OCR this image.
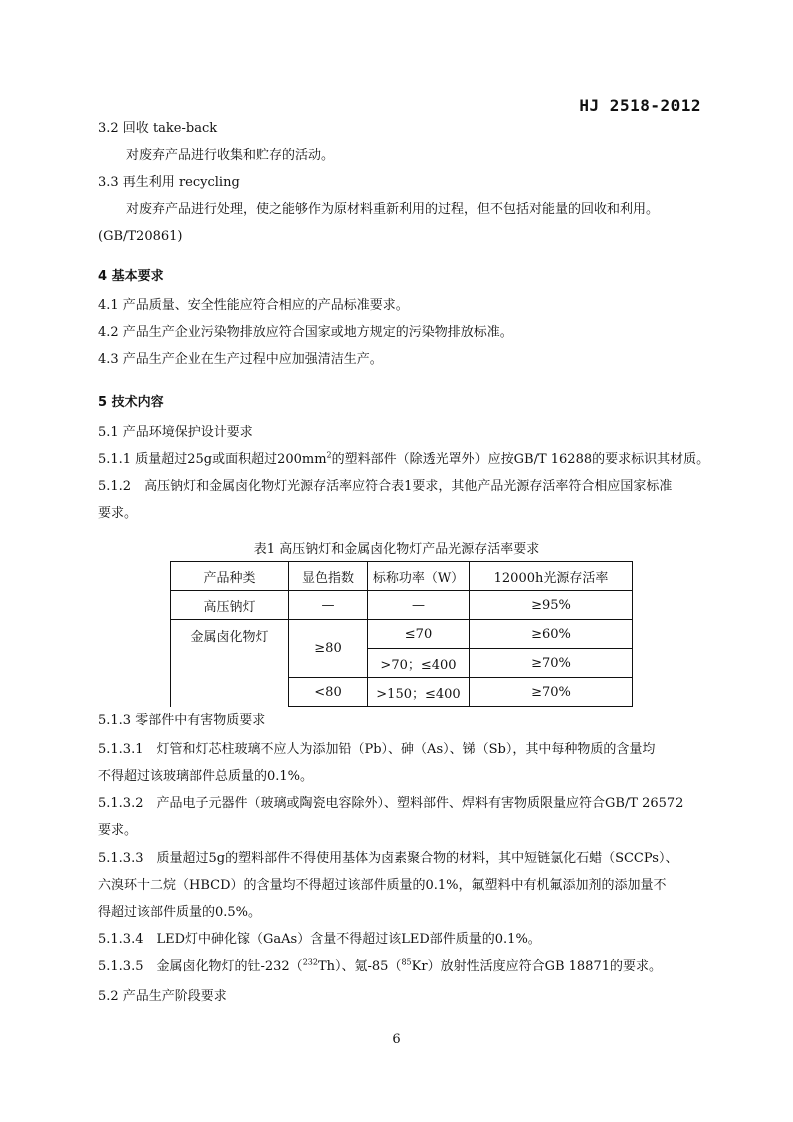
HJ 2518-2012
3.2 回收 take-back
对废弃产品进行收集和贮存的活动。
3.3 再生利用 recycling
对废弃产品进行处理，使之能够作为原材料重新利用的过程，但不包括对能量的回收和利用。
(GB/T20861)
4 基本要求
4.1 产品质量、安全性能应符合相应的产品标准要求。
4.2 产品生产企业污染物排放应符合国家或地方规定的污染物排放标准。
4.3 产品生产企业在生产过程中应加强清洁生产。
5 技术内容
5.1 产品环境保护设计要求
5.1.1 质量超过25g或面积超过$200mm^2$的塑料部件（除透光罩外）应按GB/T 16288的要求标识其材质。
5.1.2　高压钠灯和金属卤化物灯光源存活率应符合表1要求，其他产品光源存活率符合相应国家标准
要求。
表1 高压钠灯和金属卤化物灯产品光源存活率要求
产品种类	显色指数	标称功率（W）	12000h光源存活率
高压钠灯	—	—	≥95%
金属卤化物灯	≥80	≤70	≥60%
		>70；≤400	≥70%
	<80	>150；≤400	≥70%
5.1.3 零部件中有害物质要求
5.1.3.1　灯管和灯芯柱玻璃不应人为添加铅（Pb）、砷（As）、锑（Sb），其中每种物质的含量均
不得超过该玻璃部件总质量的0.1%。
5.1.3.2　产品电子元器件（玻璃或陶瓷电容除外）、塑料部件、焊料有害物质限量应符合GB/T 26572
要求。
5.1.3.3　质量超过5g的塑料部件不得使用基体为卤素聚合物的材料，其中短链氯化石蜡（SCCPs）、
六溴环十二烷（HBCD）的含量均不得超过该部件质量的0.1%，氟塑料中有机氟添加剂的添加量不
得超过该部件质量的0.5%。
5.1.3.4　LED灯中砷化镓（GaAs）含量不得超过该LED部件质量的0.1%。
5.1.3.5　金属卤化物灯的钍-232（$^{232}$Th）、氪-85（$^{85}$Kr）放射性活度应符合GB 18871的要求。
5.2 产品生产阶段要求
6
